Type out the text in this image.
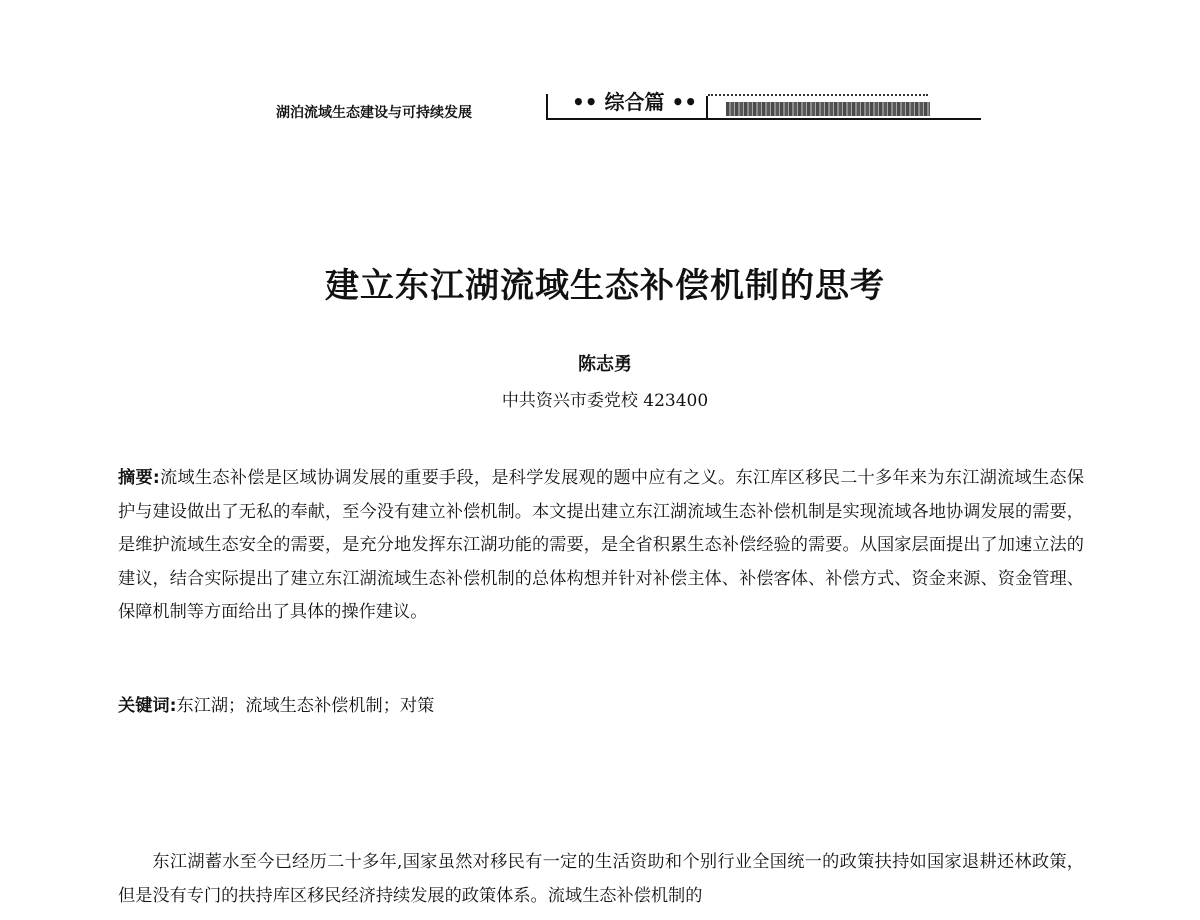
湖泊流域生态建设与可持续发展	•• 综合篇 ••
建立东江湖流域生态补偿机制的思考
陈志勇
中共资兴市委党校 423400
摘要:流域生态补偿是区域协调发展的重要手段，是科学发展观的题中应有之义。东江库区移民二十多年来为东江湖流域生态保护与建设做出了无私的奉献，至今没有建立补偿机制。本文提出建立东江湖流域生态补偿机制是实现流域各地协调发展的需要，是维护流域生态安全的需要，是充分地发挥东江湖功能的需要，是全省积累生态补偿经验的需要。从国家层面提出了加速立法的建议，结合实际提出了建立东江湖流域生态补偿机制的总体构想并针对补偿主体、补偿客体、补偿方式、资金来源、资金管理、保障机制等方面给出了具体的操作建议。
关键词:东江湖；流域生态补偿机制；对策
东江湖蓄水至今已经历二十多年,国家虽然对移民有一定的生活资助和个别行业全国统一的政策扶持如国家退耕还林政策，但是没有专门的扶持库区移民经济持续发展的政策体系。流域生态补偿机制的
